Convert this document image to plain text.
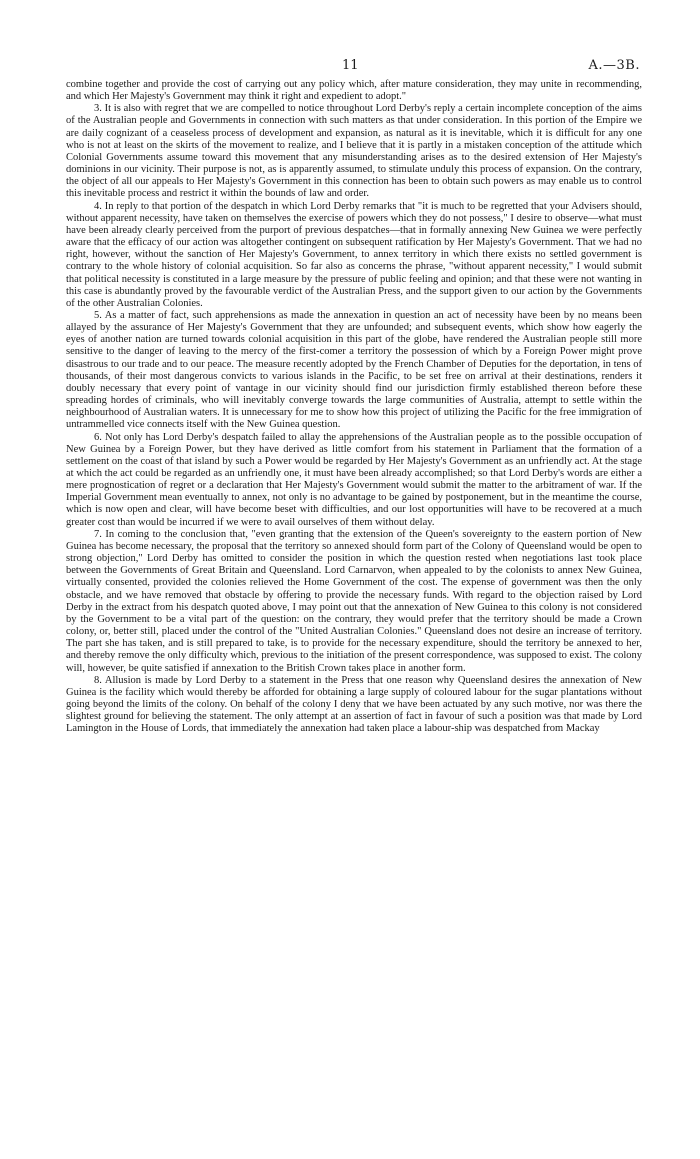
11	A.—3B.

combine together and provide the cost of carrying out any policy which, after mature consideration, they may unite in recommending, and which Her Majesty's Government may think it right and expedient to adopt."

3. It is also with regret that we are compelled to notice throughout Lord Derby's reply a certain incomplete conception of the aims of the Australian people and Governments in connection with such matters as that under consideration. In this portion of the Empire we are daily cognizant of a ceaseless process of development and expansion, as natural as it is inevitable, which it is difficult for any one who is not at least on the skirts of the movement to realize, and I believe that it is partly in a mistaken conception of the attitude which Colonial Governments assume toward this movement that any misunderstanding arises as to the desired extension of Her Majesty's dominions in our vicinity. Their purpose is not, as is apparently assumed, to stimulate unduly this process of expansion. On the contrary, the object of all our appeals to Her Majesty's Government in this connection has been to obtain such powers as may enable us to control this inevitable process and restrict it within the bounds of law and order.

4. In reply to that portion of the despatch in which Lord Derby remarks that "it is much to be regretted that your Advisers should, without apparent necessity, have taken on themselves the exercise of powers which they do not possess," I desire to observe—what must have been already clearly perceived from the purport of previous despatches—that in formally annexing New Guinea we were perfectly aware that the efficacy of our action was altogether contingent on subsequent ratification by Her Majesty's Government. That we had no right, however, without the sanction of Her Majesty's Government, to annex territory in which there exists no settled government is contrary to the whole history of colonial acquisition. So far also as concerns the phrase, "without apparent necessity," I would submit that political necessity is constituted in a large measure by the pressure of public feeling and opinion; and that these were not wanting in this case is abundantly proved by the favourable verdict of the Australian Press, and the support given to our action by the Governments of the other Australian Colonies.

5. As a matter of fact, such apprehensions as made the annexation in question an act of necessity have been by no means been allayed by the assurance of Her Majesty's Government that they are unfounded; and subsequent events, which show how eagerly the eyes of another nation are turned towards colonial acquisition in this part of the globe, have rendered the Australian people still more sensitive to the danger of leaving to the mercy of the first-comer a territory the possession of which by a Foreign Power might prove disastrous to our trade and to our peace. The measure recently adopted by the French Chamber of Deputies for the deportation, in tens of thousands, of their most dangerous convicts to various islands in the Pacific, to be set free on arrival at their destinations, renders it doubly necessary that every point of vantage in our vicinity should find our jurisdiction firmly established thereon before these spreading hordes of criminals, who will inevitably converge towards the large communities of Australia, attempt to settle within the neighbourhood of Australian waters. It is unnecessary for me to show how this project of utilizing the Pacific for the free immigration of untrammelled vice connects itself with the New Guinea question.

6. Not only has Lord Derby's despatch failed to allay the apprehensions of the Australian people as to the possible occupation of New Guinea by a Foreign Power, but they have derived as little comfort from his statement in Parliament that the formation of a settlement on the coast of that island by such a Power would be regarded by Her Majesty's Government as an unfriendly act. At the stage at which the act could be regarded as an unfriendly one, it must have been already accomplished; so that Lord Derby's words are either a mere prognostication of regret or a declaration that Her Majesty's Government would submit the matter to the arbitrament of war. If the Imperial Government mean eventually to annex, not only is no advantage to be gained by postponement, but in the meantime the course, which is now open and clear, will have become beset with difficulties, and our lost opportunities will have to be recovered at a much greater cost than would be incurred if we were to avail ourselves of them without delay.

7. In coming to the conclusion that, "even granting that the extension of the Queen's sovereignty to the eastern portion of New Guinea has become necessary, the proposal that the territory so annexed should form part of the Colony of Queensland would be open to strong objection," Lord Derby has omitted to consider the position in which the question rested when negotiations last took place between the Governments of Great Britain and Queensland. Lord Carnarvon, when appealed to by the colonists to annex New Guinea, virtually consented, provided the colonies relieved the Home Government of the cost. The expense of government was then the only obstacle, and we have removed that obstacle by offering to provide the necessary funds. With regard to the objection raised by Lord Derby in the extract from his despatch quoted above, I may point out that the annexation of New Guinea to this colony is not considered by the Government to be a vital part of the question: on the contrary, they would prefer that the territory should be made a Crown colony, or, better still, placed under the control of the "United Australian Colonies." Queensland does not desire an increase of territory. The part she has taken, and is still prepared to take, is to provide for the necessary expenditure, should the territory be annexed to her, and thereby remove the only difficulty which, previous to the initiation of the present correspondence, was supposed to exist. The colony will, however, be quite satisfied if annexation to the British Crown takes place in another form.

8. Allusion is made by Lord Derby to a statement in the Press that one reason why Queensland desires the annexation of New Guinea is the facility which would thereby be afforded for obtaining a large supply of coloured labour for the sugar plantations without going beyond the limits of the colony. On behalf of the colony I deny that we have been actuated by any such motive, nor was there the slightest ground for believing the statement. The only attempt at an assertion of fact in favour of such a position was that made by Lord Lamington in the House of Lords, that immediately the annexation had taken place a labour-ship was despatched from Mackay
